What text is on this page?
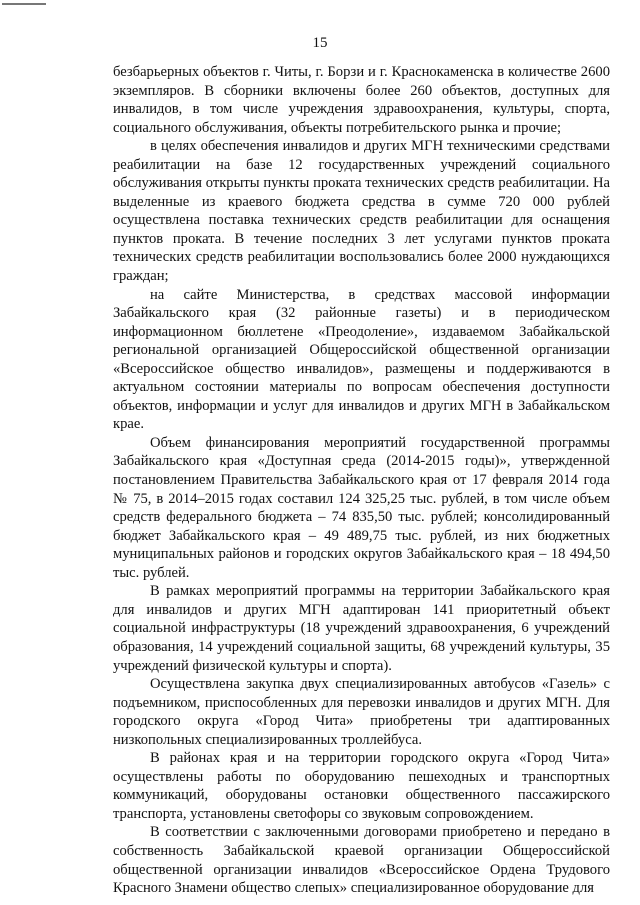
15

безбарьерных объектов г. Читы, г. Борзи и г. Краснокаменска в количестве 2600 экземпляров. В сборники включены более 260 объектов, доступных для инвалидов, в том числе учреждения здравоохранения, культуры, спорта, социального обслуживания, объекты потребительского рынка и прочие;

в целях обеспечения инвалидов и других МГН техническими средствами реабилитации на базе 12 государственных учреждений социального обслуживания открыты пункты проката технических средств реабилитации. На выделенные из краевого бюджета средства в сумме 720 000 рублей осуществлена поставка технических средств реабилитации для оснащения пунктов проката. В течение последних 3 лет услугами пунктов проката технических средств реабилитации воспользовались более 2000 нуждающихся граждан;

на сайте Министерства, в средствах массовой информации Забайкальского края (32 районные газеты) и в периодическом информационном бюллетене «Преодоление», издаваемом Забайкальской региональной организацией Общероссийской общественной организации «Всероссийское общество инвалидов», размещены и поддерживаются в актуальном состоянии материалы по вопросам обеспечения доступности объектов, информации и услуг для инвалидов и других МГН в Забайкальском крае.

Объем финансирования мероприятий государственной программы Забайкальского края «Доступная среда (2014-2015 годы)», утвержденной постановлением Правительства Забайкальского края от 17 февраля 2014 года № 75, в 2014–2015 годах составил 124 325,25 тыс. рублей, в том числе объем средств федерального бюджета – 74 835,50 тыс. рублей; консолидированный бюджет Забайкальского края – 49 489,75 тыс. рублей, из них бюджетных муниципальных районов и городских округов Забайкальского края – 18 494,50 тыс. рублей.

В рамках мероприятий программы на территории Забайкальского края для инвалидов и других МГН адаптирован 141 приоритетный объект социальной инфраструктуры (18 учреждений здравоохранения, 6 учреждений образования, 14 учреждений социальной защиты, 68 учреждений культуры, 35 учреждений физической культуры и спорта).

Осуществлена закупка двух специализированных автобусов «Газель» с подъемником, приспособленных для перевозки инвалидов и других МГН. Для городского округа «Город Чита» приобретены три адаптированных низкопольных специализированных троллейбуса.

В районах края и на территории городского округа «Город Чита» осуществлены работы по оборудованию пешеходных и транспортных коммуникаций, оборудованы остановки общественного пассажирского транспорта, установлены светофоры со звуковым сопровождением.

В соответствии с заключенными договорами приобретено и передано в собственность Забайкальской краевой организации Общероссийской общественной организации инвалидов «Всероссийское Ордена Трудового Красного Знамени общество слепых» специализированное оборудование для
